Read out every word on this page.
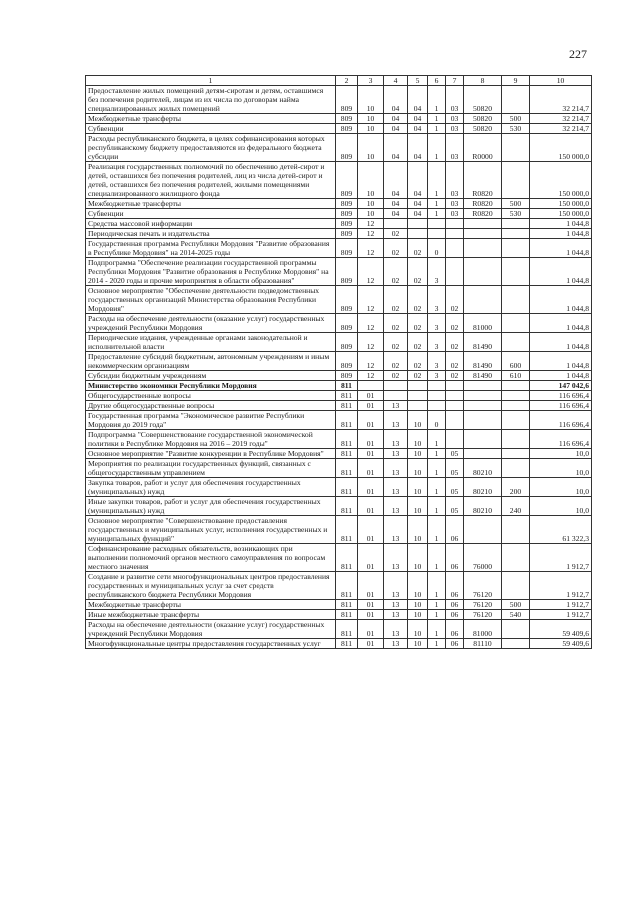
227
1	2	3	4	5	6	7	8	9	10
Предоставление жилых помещений детям-сиротам и детям, оставшимся без попечения родителей, лицам из их числа по договорам найма специализированных жилых помещений	809	10	04	04	1	03	50820		32 214,7
Межбюджетные трансферты	809	10	04	04	1	03	50820	500	32 214,7
Субвенции	809	10	04	04	1	03	50820	530	32 214,7
Расходы республиканского бюджета, в целях софинансирования которых республиканскому бюджету предоставляются из федерального бюджета субсидии	809	10	04	04	1	03	R0000		150 000,0
Реализация государственных полномочий по обеспечению детей-сирот и детей, оставшихся без попечения родителей, лиц из числа детей-сирот и детей, оставшихся без попечения родителей, жилыми помещениями специализированного жилищного фонда	809	10	04	04	1	03	R0820		150 000,0
Межбюджетные трансферты	809	10	04	04	1	03	R0820	500	150 000,0
Субвенции	809	10	04	04	1	03	R0820	530	150 000,0
Средства массовой информации	809	12							1 044,8
Периодическая печать и издательства	809	12	02						1 044,8
Государственная программа Республики Мордовия "Развитие образования в Республике Мордовия" на 2014-2025 годы	809	12	02	02	0				1 044,8
Подпрограмма "Обеспечение реализации государственной программы Республики Мордовия "Развитие образования в Республике Мордовия" на 2014 - 2020 годы и прочие мероприятия в области образования"	809	12	02	02	3				1 044,8
Основное мероприятие "Обеспечение деятельности подведомственных государственных организаций Министерства образования Республики Мордовия"	809	12	02	02	3	02			1 044,8
Расходы на обеспечение деятельности (оказание услуг) государственных учреждений Республики Мордовия	809	12	02	02	3	02	81000		1 044,8
Периодические издания, учрежденные органами законодательной и исполнительной власти	809	12	02	02	3	02	81490		1 044,8
Предоставление субсидий бюджетным, автономным учреждениям и иным некоммерческим организациям	809	12	02	02	3	02	81490	600	1 044,8
Субсидии бюджетным учреждениям	809	12	02	02	3	02	81490	610	1 044,8
Министерство экономики Республики Мордовия	811								147 042,6
Общегосударственные вопросы	811	01							116 696,4
Другие общегосударственные вопросы	811	01	13						116 696,4
Государственная программа "Экономическое развитие Республики Мордовия до 2019 года"	811	01	13	10	0				116 696,4
Подпрограмма "Совершенствование государственной экономической политики в Республике Мордовия на 2016 – 2019 годы"	811	01	13	10	1				116 696,4
Основное мероприятие "Развитие конкуренции в Республике Мордовия"	811	01	13	10	1	05			10,0
Мероприятия по реализации государственных функций, связанных с общегосударственным управлением	811	01	13	10	1	05	80210		10,0
Закупка товаров, работ и услуг для обеспечения государственных (муниципальных) нужд	811	01	13	10	1	05	80210	200	10,0
Иные закупки товаров, работ и услуг для обеспечения государственных (муниципальных) нужд	811	01	13	10	1	05	80210	240	10,0
Основное мероприятие "Совершенствование предоставления государственных и муниципальных услуг, исполнения государственных и муниципальных функций"	811	01	13	10	1	06			61 322,3
Софинансирование расходных обязательств, возникающих при выполнении полномочий органов местного самоуправления по вопросам местного значения	811	01	13	10	1	06	76000		1 912,7
Создание и развитие сети многофункциональных центров предоставления государственных и муниципальных услуг за счет средств республиканского бюджета Республики Мордовия	811	01	13	10	1	06	76120		1 912,7
Межбюджетные трансферты	811	01	13	10	1	06	76120	500	1 912,7
Иные межбюджетные трансферты	811	01	13	10	1	06	76120	540	1 912,7
Расходы на обеспечение деятельности (оказание услуг) государственных учреждений Республики Мордовия	811	01	13	10	1	06	81000		59 409,6
Многофункциональные центры предоставления государственных услуг	811	01	13	10	1	06	81110		59 409,6
